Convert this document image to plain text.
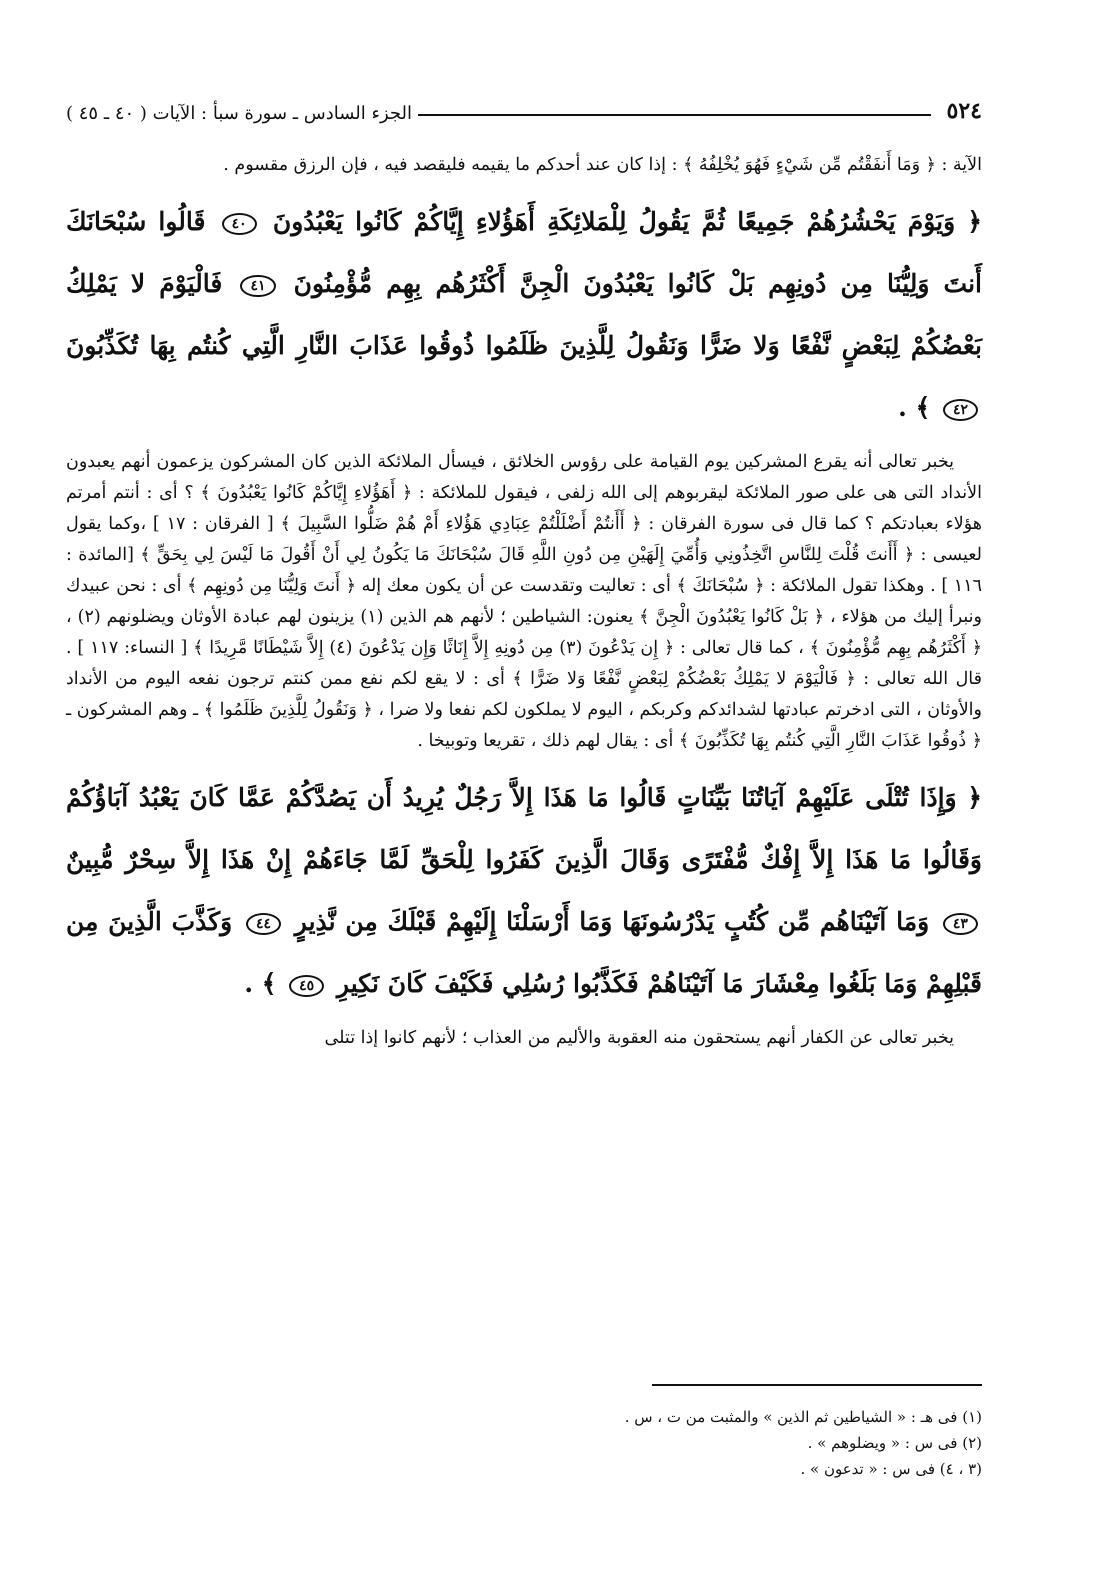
٥٢٤
الجزء السادس ـ سورة سبأ : الآيات ( ٤٠ ـ ٤٥ )

الآية : ﴿ وَمَا أَنفَقْتُم مِّن شَيْءٍ فَهُوَ يُخْلِفُهُ ﴾ : إذا كان عند أحدكم ما يقيمه فليقصد فيه ، فإن الرزق مقسوم .

﴿ وَيَوْمَ يَحْشُرُهُمْ جَمِيعًا ثُمَّ يَقُولُ لِلْمَلائِكَةِ أَهَؤُلاءِ إِيَّاكُمْ كَانُوا يَعْبُدُونَ ٤٠ قَالُوا سُبْحَانَكَ أَنتَ وَلِيُّنَا مِن دُونِهِم بَلْ كَانُوا يَعْبُدُونَ الْجِنَّ أَكْثَرُهُم بِهِم مُّؤْمِنُونَ ٤١ فَالْيَوْمَ لا يَمْلِكُ بَعْضُكُمْ لِبَعْضٍ نَّفْعًا وَلا ضَرًّا وَنَقُولُ لِلَّذِينَ ظَلَمُوا ذُوقُوا عَذَابَ النَّارِ الَّتِي كُنتُم بِهَا تُكَذِّبُونَ ٤٢ ﴾ .

يخبر تعالى أنه يقرع المشركين يوم القيامة على رؤوس الخلائق ، فيسأل الملائكة الذين كان المشركون يزعمون أنهم يعبدون الأنداد التى هى على صور الملائكة ليقربوهم إلى الله زلفى ، فيقول للملائكة : ﴿ أَهَؤُلاءِ إِيَّاكُمْ كَانُوا يَعْبُدُونَ ﴾ ؟ أى : أنتم أمرتم هؤلاء بعبادتكم ؟ كما قال فى سورة الفرقان : ﴿ أَأَنتُمْ أَضْلَلْتُمْ عِبَادِي هَؤُلاءِ أَمْ هُمْ ضَلُّوا السَّبِيلَ ﴾ [ الفرقان : ١٧ ] ،وكما يقول لعيسى : ﴿ أَأَنتَ قُلْتَ لِلنَّاسِ اتَّخِذُونِي وَأُمِّيَ إِلَهَيْنِ مِن دُونِ اللَّهِ قَالَ سُبْحَانَكَ مَا يَكُونُ لِي أَنْ أَقُولَ مَا لَيْسَ لِي بِحَقٍّ ﴾ [المائدة : ١١٦ ] . وهكذا تقول الملائكة : ﴿ سُبْحَانَكَ ﴾ أى : تعاليت وتقدست عن أن يكون معك إله ﴿ أَنتَ وَلِيُّنَا مِن دُونِهِم ﴾ أى : نحن عبيدك ونبرأ إليك من هؤلاء ، ﴿ بَلْ كَانُوا يَعْبُدُونَ الْجِنَّ ﴾ يعنون: الشياطين ؛ لأنهم هم الذين (١) يزينون لهم عبادة الأوثان ويضلونهم (٢) ، ﴿ أَكْثَرُهُم بِهِم مُّؤْمِنُونَ ﴾ ، كما قال تعالى : ﴿ إِن يَدْعُونَ (٣) مِن دُونِهِ إِلاَّ إِنَاثًا وَإِن يَدْعُونَ (٤) إِلاَّ شَيْطَانًا مَّرِيدًا ﴾ [ النساء: ١١٧ ] . قال الله تعالى : ﴿ فَالْيَوْمَ لا يَمْلِكُ بَعْضُكُمْ لِبَعْضٍ نَّفْعًا وَلا ضَرًّا ﴾ أى : لا يقع لكم نفع ممن كنتم ترجون نفعه اليوم من الأنداد والأوثان ، التى ادخرتم عبادتها لشدائدكم وكربكم ، اليوم لا يملكون لكم نفعا ولا ضرا ، ﴿ وَنَقُولُ لِلَّذِينَ ظَلَمُوا ﴾ ـ وهم المشركون ـ ﴿ ذُوقُوا عَذَابَ النَّارِ الَّتِي كُنتُم بِهَا تُكَذِّبُونَ ﴾ أى : يقال لهم ذلك ، تقريعا وتوبيخا .

﴿ وَإِذَا تُتْلَى عَلَيْهِمْ آيَاتُنَا بَيِّنَاتٍ قَالُوا مَا هَذَا إِلاَّ رَجُلٌ يُرِيدُ أَن يَصُدَّكُمْ عَمَّا كَانَ يَعْبُدُ آبَاؤُكُمْ وَقَالُوا مَا هَذَا إِلاَّ إِفْكٌ مُّفْتَرًى وَقَالَ الَّذِينَ كَفَرُوا لِلْحَقِّ لَمَّا جَاءَهُمْ إِنْ هَذَا إِلاَّ سِحْرٌ مُّبِينٌ ٤٣ وَمَا آتَيْنَاهُم مِّن كُتُبٍ يَدْرُسُونَهَا وَمَا أَرْسَلْنَا إِلَيْهِمْ قَبْلَكَ مِن نَّذِيرٍ ٤٤ وَكَذَّبَ الَّذِينَ مِن قَبْلِهِمْ وَمَا بَلَغُوا مِعْشَارَ مَا آتَيْنَاهُمْ فَكَذَّبُوا رُسُلِي فَكَيْفَ كَانَ نَكِيرِ ٤٥ ﴾ .

يخبر تعالى عن الكفار أنهم يستحقون منه العقوبة والأليم من العذاب ؛ لأنهم كانوا إذا تتلى

(١) فى هـ : « الشياطين ثم الذين » والمثبت من ت ، س .
(٢) فى س : « ويضلوهم » .
(٣ ، ٤) فى س : « تدعون » .
